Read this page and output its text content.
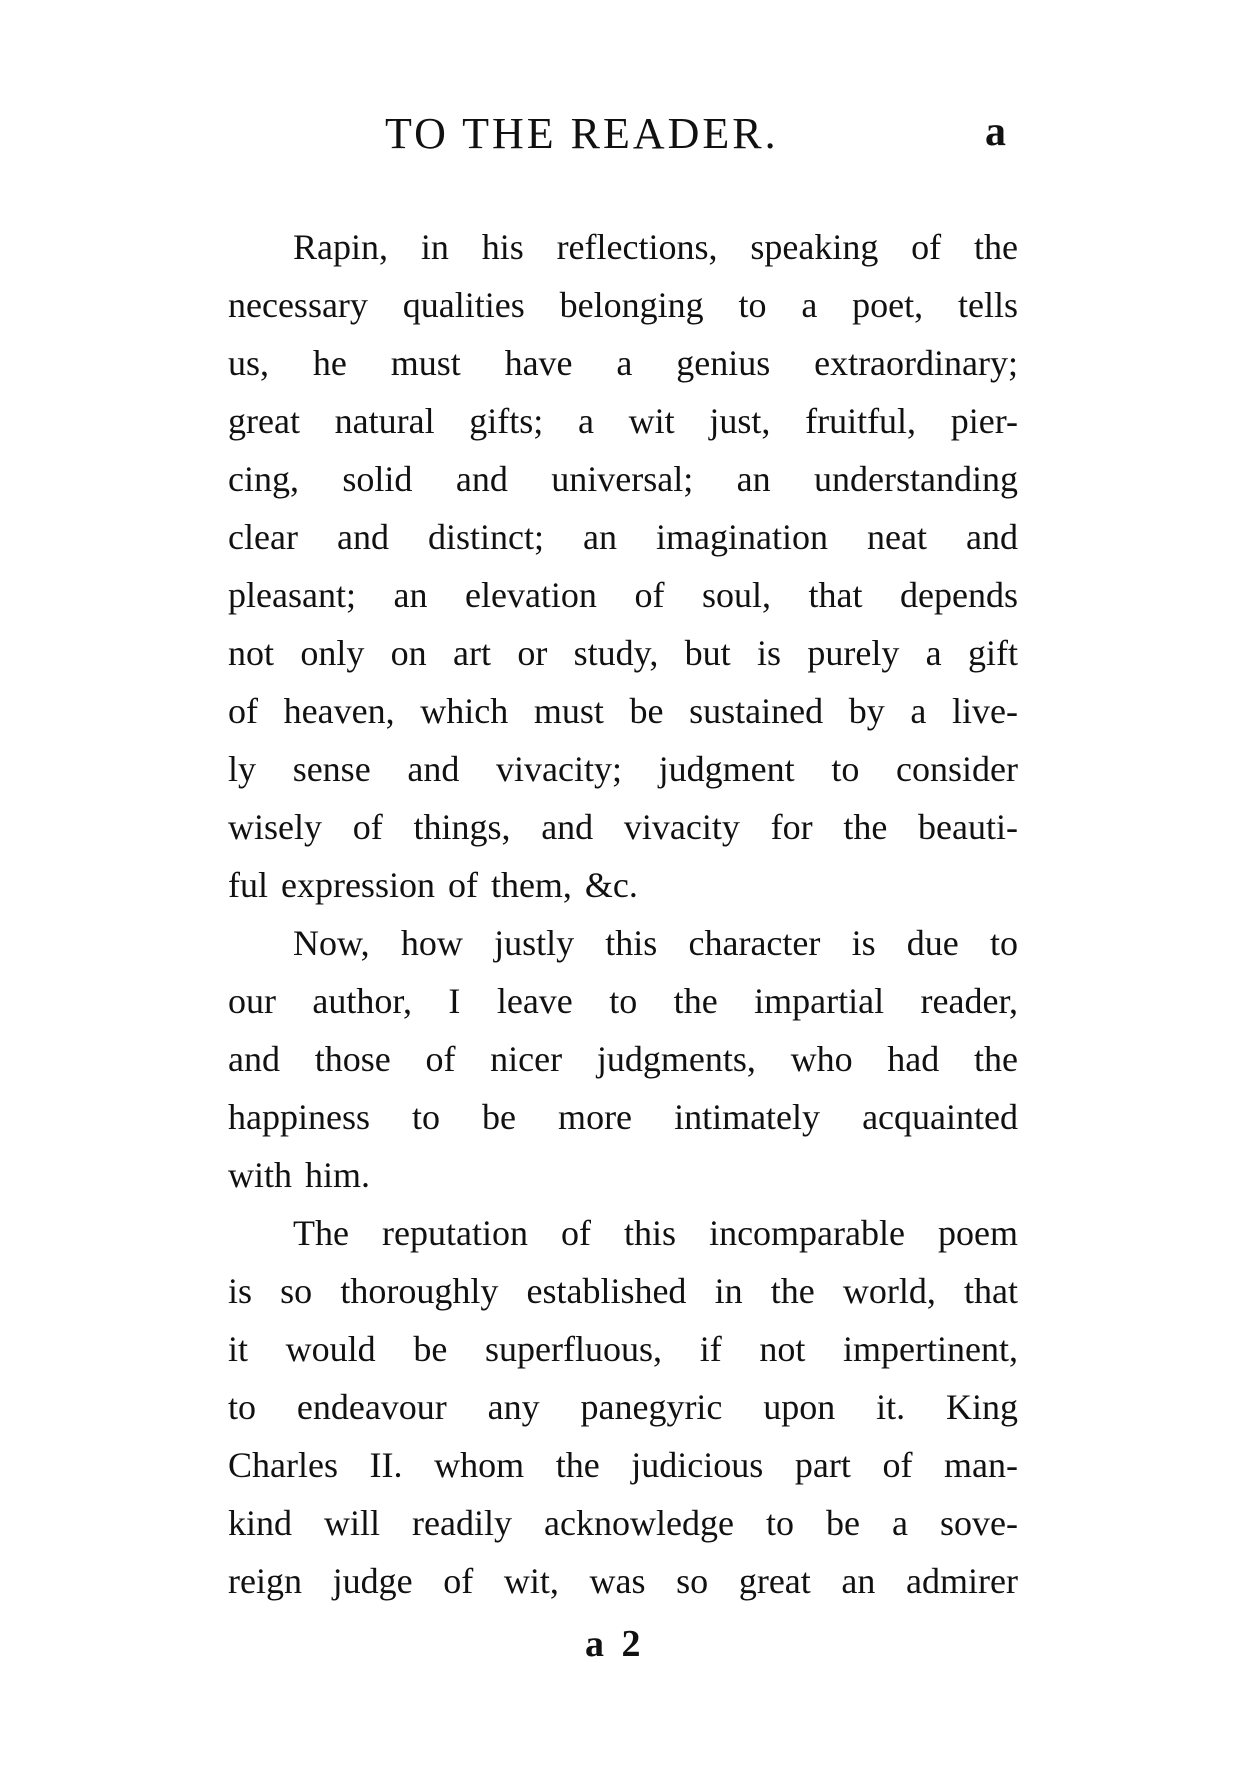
TO THE READER.	a
Rapin, in his reflections, speaking of the
necessary qualities belonging to a poet, tells
us, he must have a genius extraordinary;
great natural gifts; a wit just, fruitful, pier-
cing, solid and universal; an understanding
clear and distinct; an imagination neat and
pleasant; an elevation of soul, that depends
not only on art or study, but is purely a gift
of heaven, which must be sustained by a live-
ly sense and vivacity; judgment to consider
wisely of things, and vivacity for the beauti-
ful expression of them, &c.
Now, how justly this character is due to
our author, I leave to the impartial reader,
and those of nicer judgments, who had the
happiness to be more intimately acquainted
with him.
The reputation of this incomparable poem
is so thoroughly established in the world, that
it would be superfluous, if not impertinent,
to endeavour any panegyric upon it. King
Charles II. whom the judicious part of man-
kind will readily acknowledge to be a sove-
reign judge of wit, was so great an admirer
a 2
